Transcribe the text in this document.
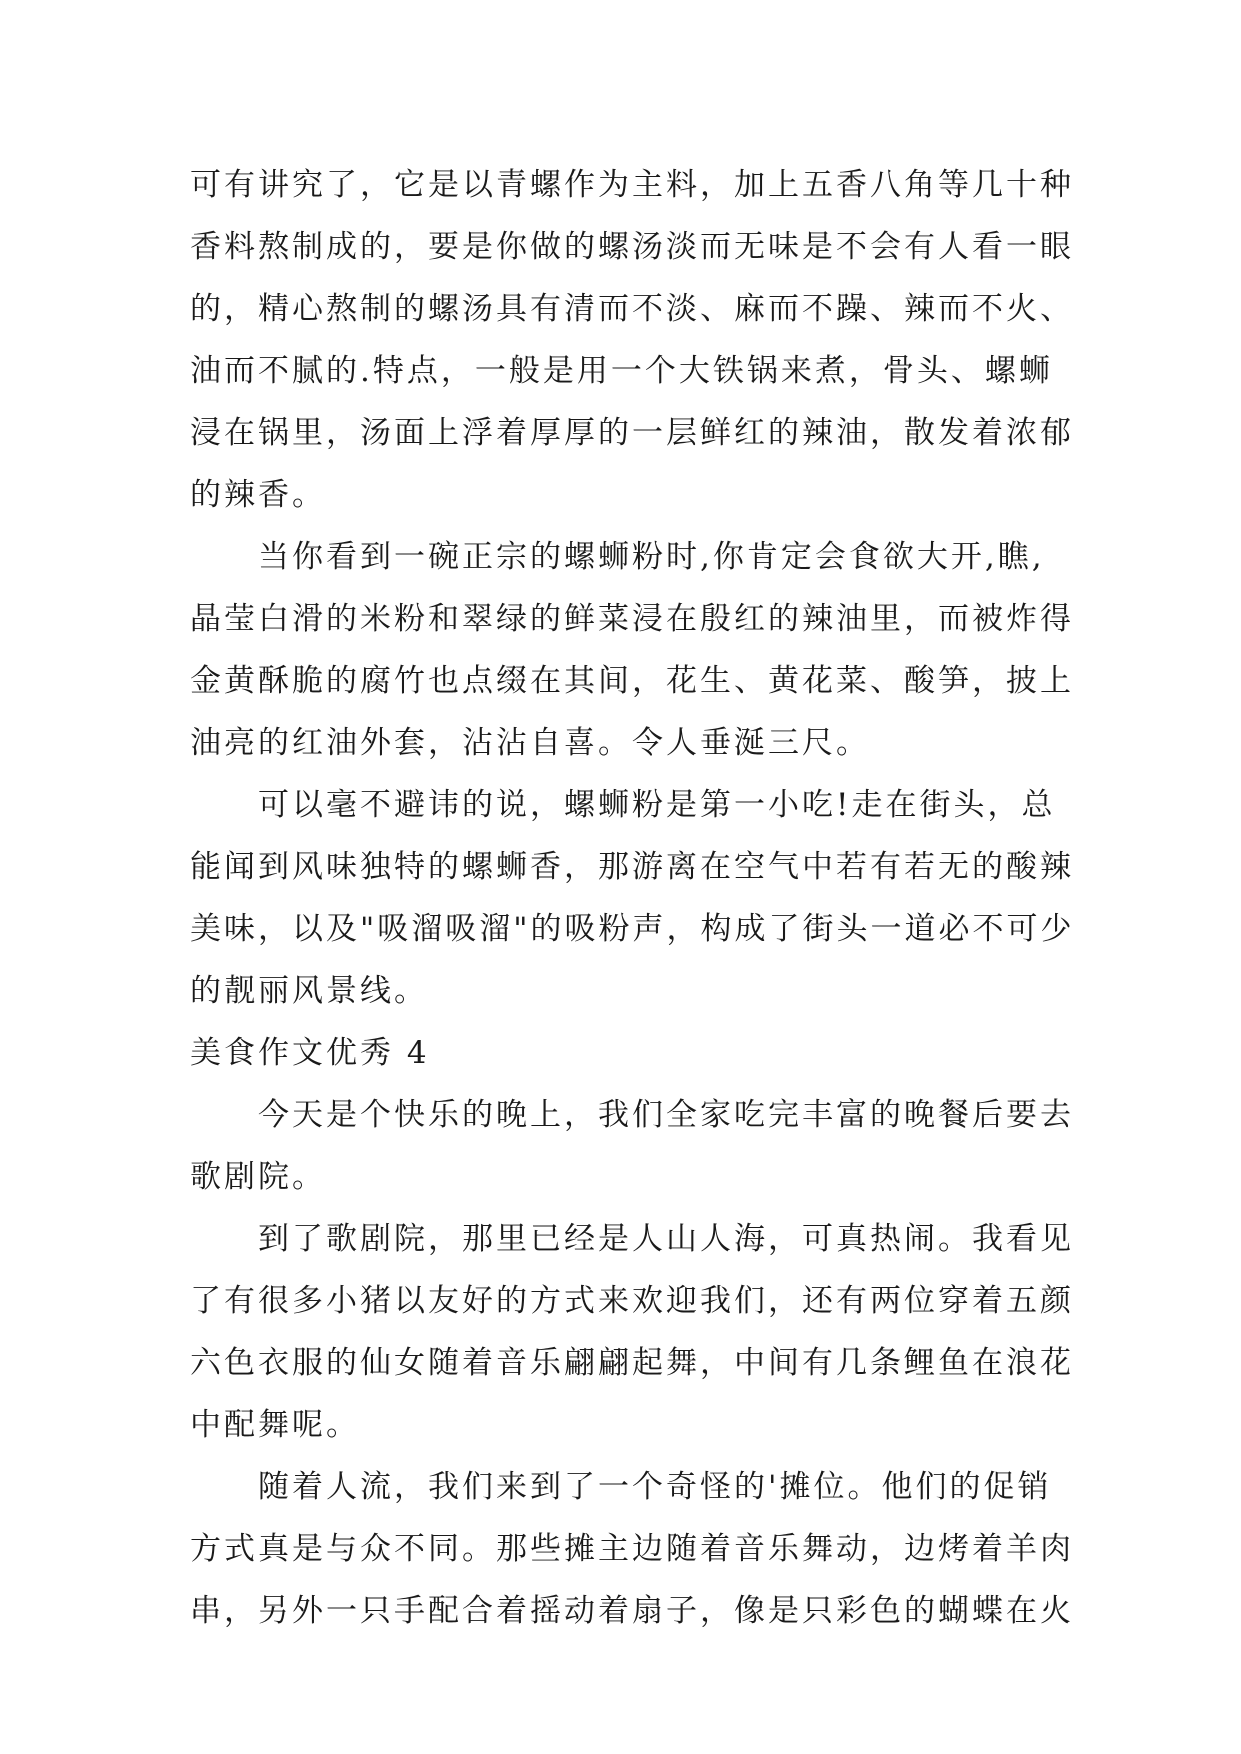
可有讲究了，它是以青螺作为主料，加上五香八角等几十种
香料熬制成的，要是你做的螺汤淡而无味是不会有人看一眼
的，精心熬制的螺汤具有清而不淡、麻而不躁、辣而不火、
油而不腻的.特点，一般是用一个大铁锅来煮，骨头、螺蛳
浸在锅里，汤面上浮着厚厚的一层鲜红的辣油，散发着浓郁
的辣香。
当你看到一碗正宗的螺蛳粉时,你肯定会食欲大开,瞧,
晶莹白滑的米粉和翠绿的鲜菜浸在殷红的辣油里，而被炸得
金黄酥脆的腐竹也点缀在其间，花生、黄花菜、酸笋，披上
油亮的红油外套，沾沾自喜。令人垂涎三尺。
可以毫不避讳的说，螺蛳粉是第一小吃!走在街头，总
能闻到风味独特的螺蛳香，那游离在空气中若有若无的酸辣
美味，以及"吸溜吸溜"的吸粉声，构成了街头一道必不可少
的靓丽风景线。
美食作文优秀 4
今天是个快乐的晚上，我们全家吃完丰富的晚餐后要去
歌剧院。
到了歌剧院，那里已经是人山人海，可真热闹。我看见
了有很多小猪以友好的方式来欢迎我们，还有两位穿着五颜
六色衣服的仙女随着音乐翩翩起舞，中间有几条鲤鱼在浪花
中配舞呢。
随着人流，我们来到了一个奇怪的'摊位。他们的促销
方式真是与众不同。那些摊主边随着音乐舞动，边烤着羊肉
串，另外一只手配合着摇动着扇子，像是只彩色的蝴蝶在火
